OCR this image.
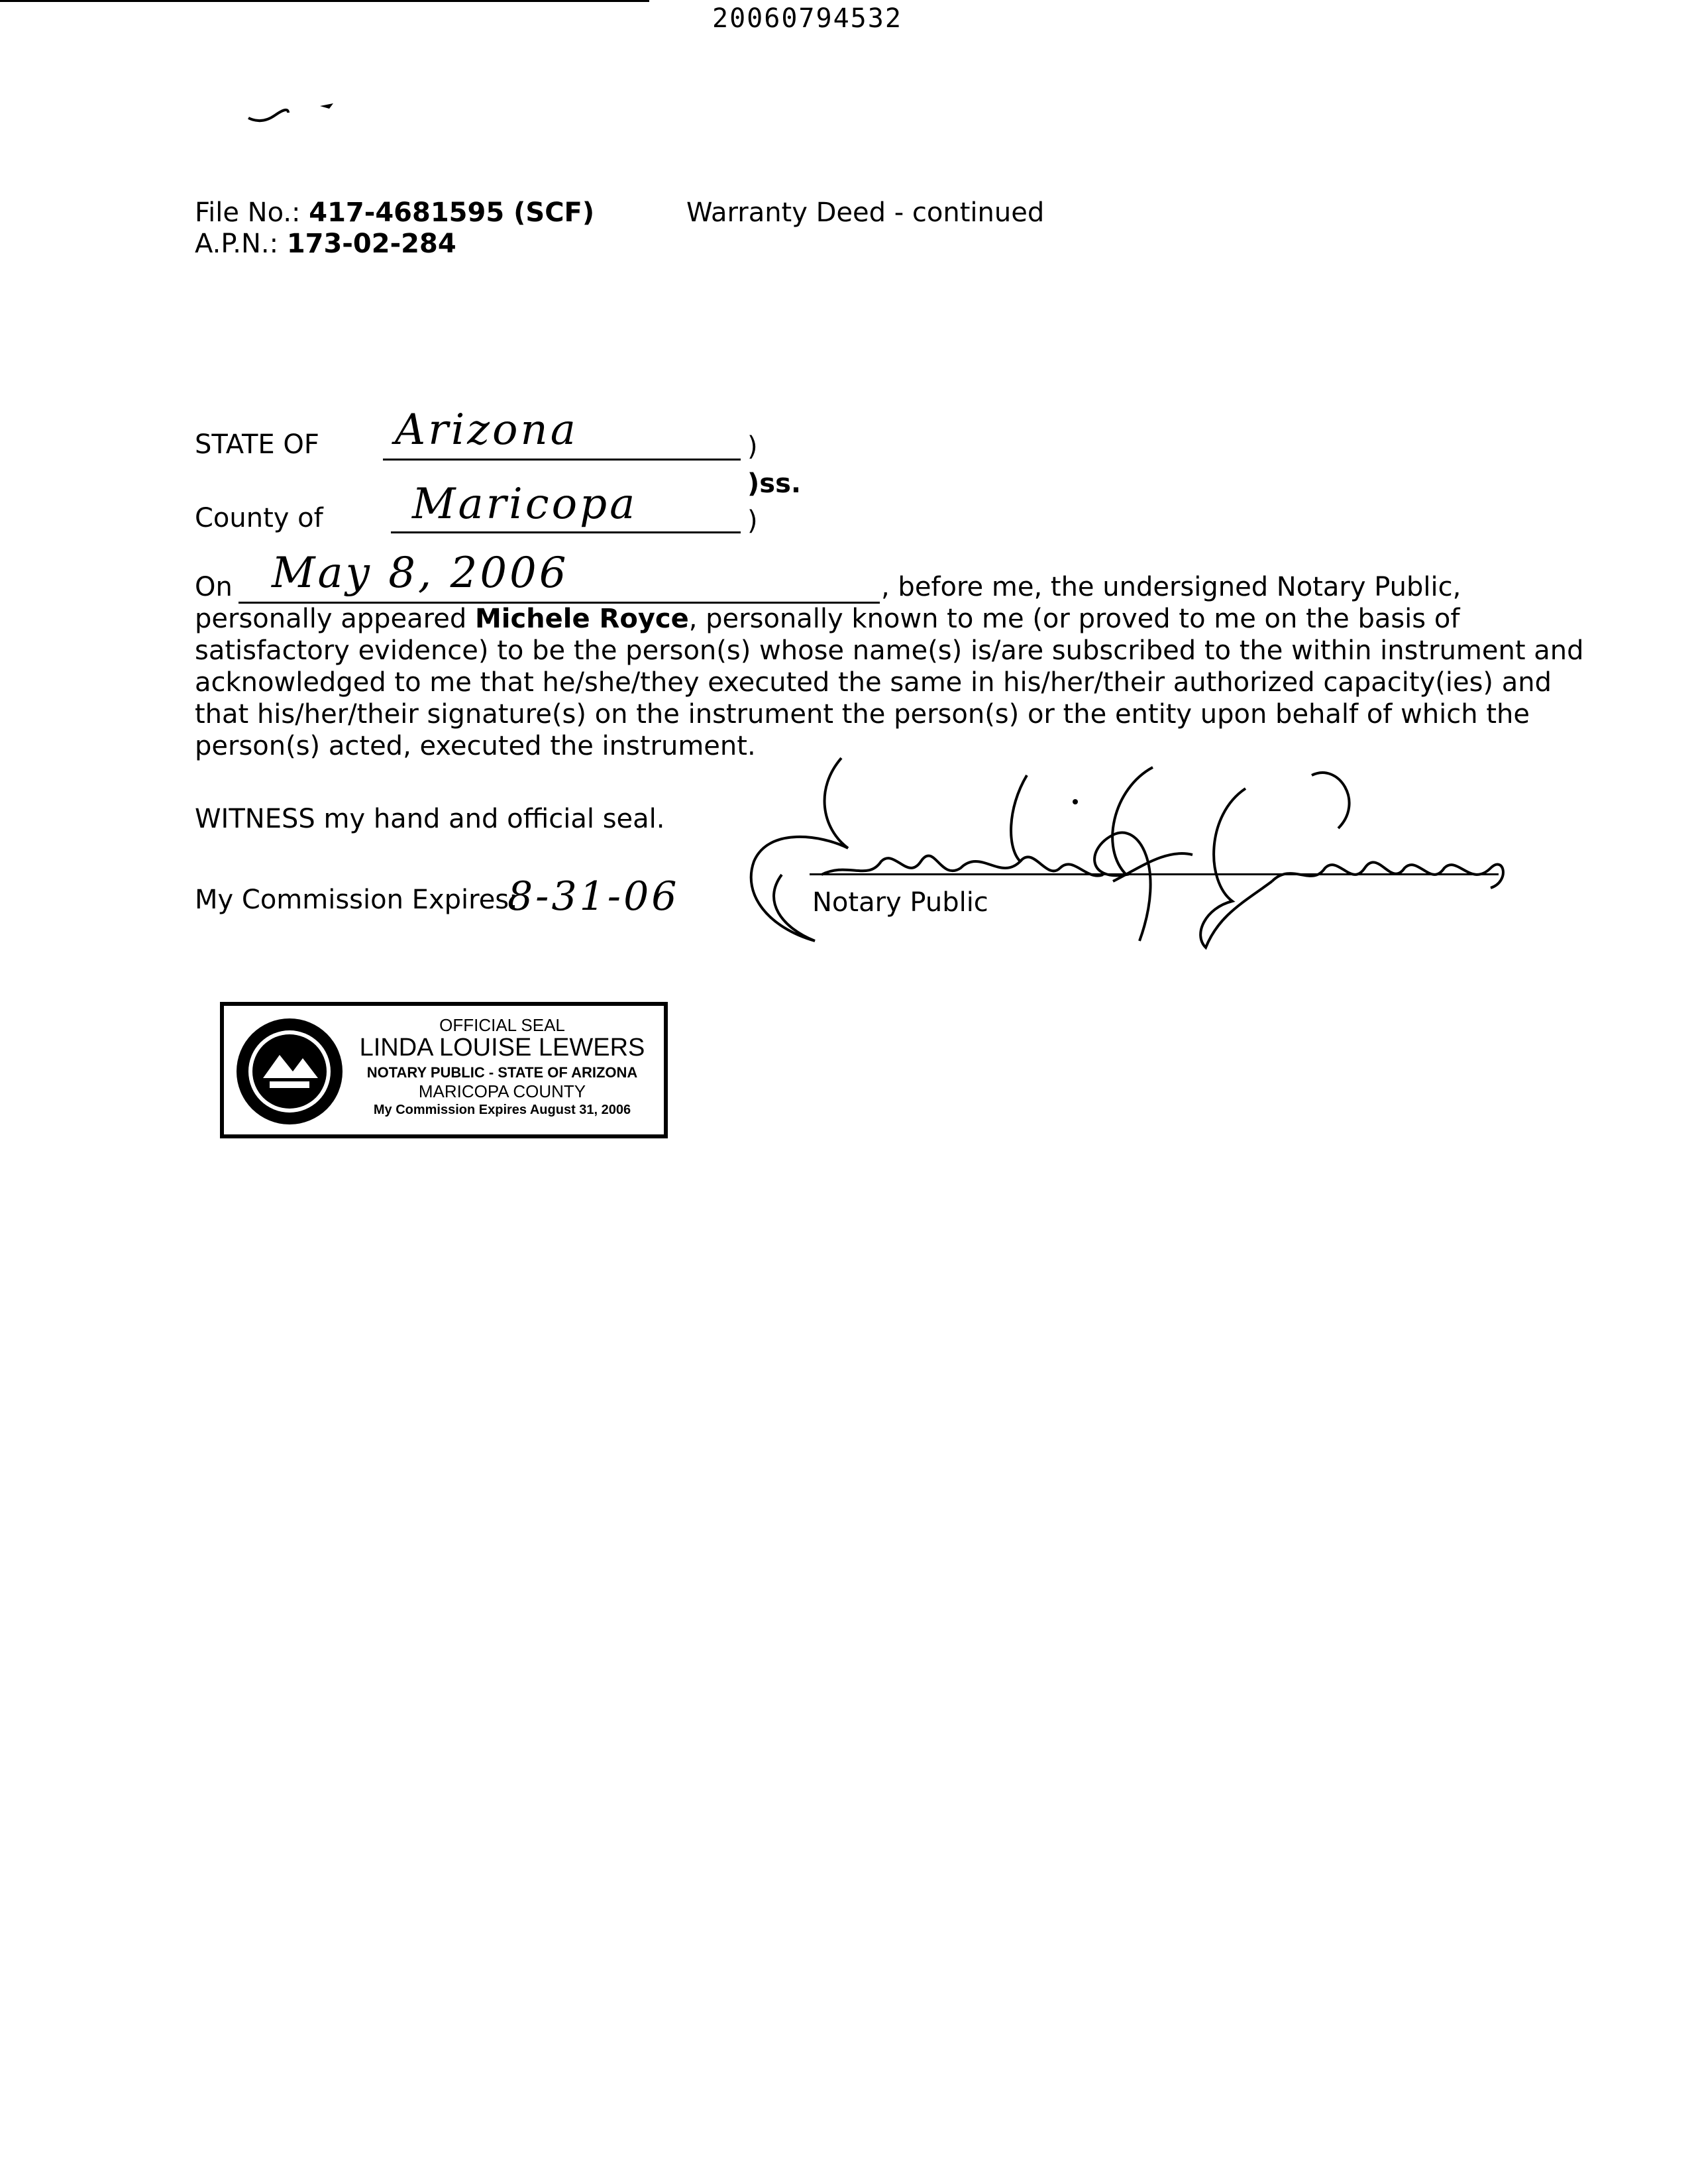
20060794532
File No.: 417-4681595 (SCF)
A.P.N.: 173-02-284
Warranty Deed - continued
STATE OF Arizona	)
)ss.
County of Maricopa	)
On May 8, 2006	, before me, the undersigned Notary Public,
personally appeared Michele Royce, personally known to me (or proved to me on the basis of
satisfactory evidence) to be the person(s) whose name(s) is/are subscribed to the within instrument and
acknowledged to me that he/she/they executed the same in his/her/their authorized capacity(ies) and
that his/her/their signature(s) on the instrument the person(s) or the entity upon behalf of which the
person(s) acted, executed the instrument.
WITNESS my hand and official seal.
My Commission Expires:
8-31-06	Notary Public
OFFICIAL SEAL
LINDA LOUISE LEWERS
NOTARY PUBLIC - STATE OF ARIZONA
MARICOPA COUNTY
My Commission Expires August 31, 2006
